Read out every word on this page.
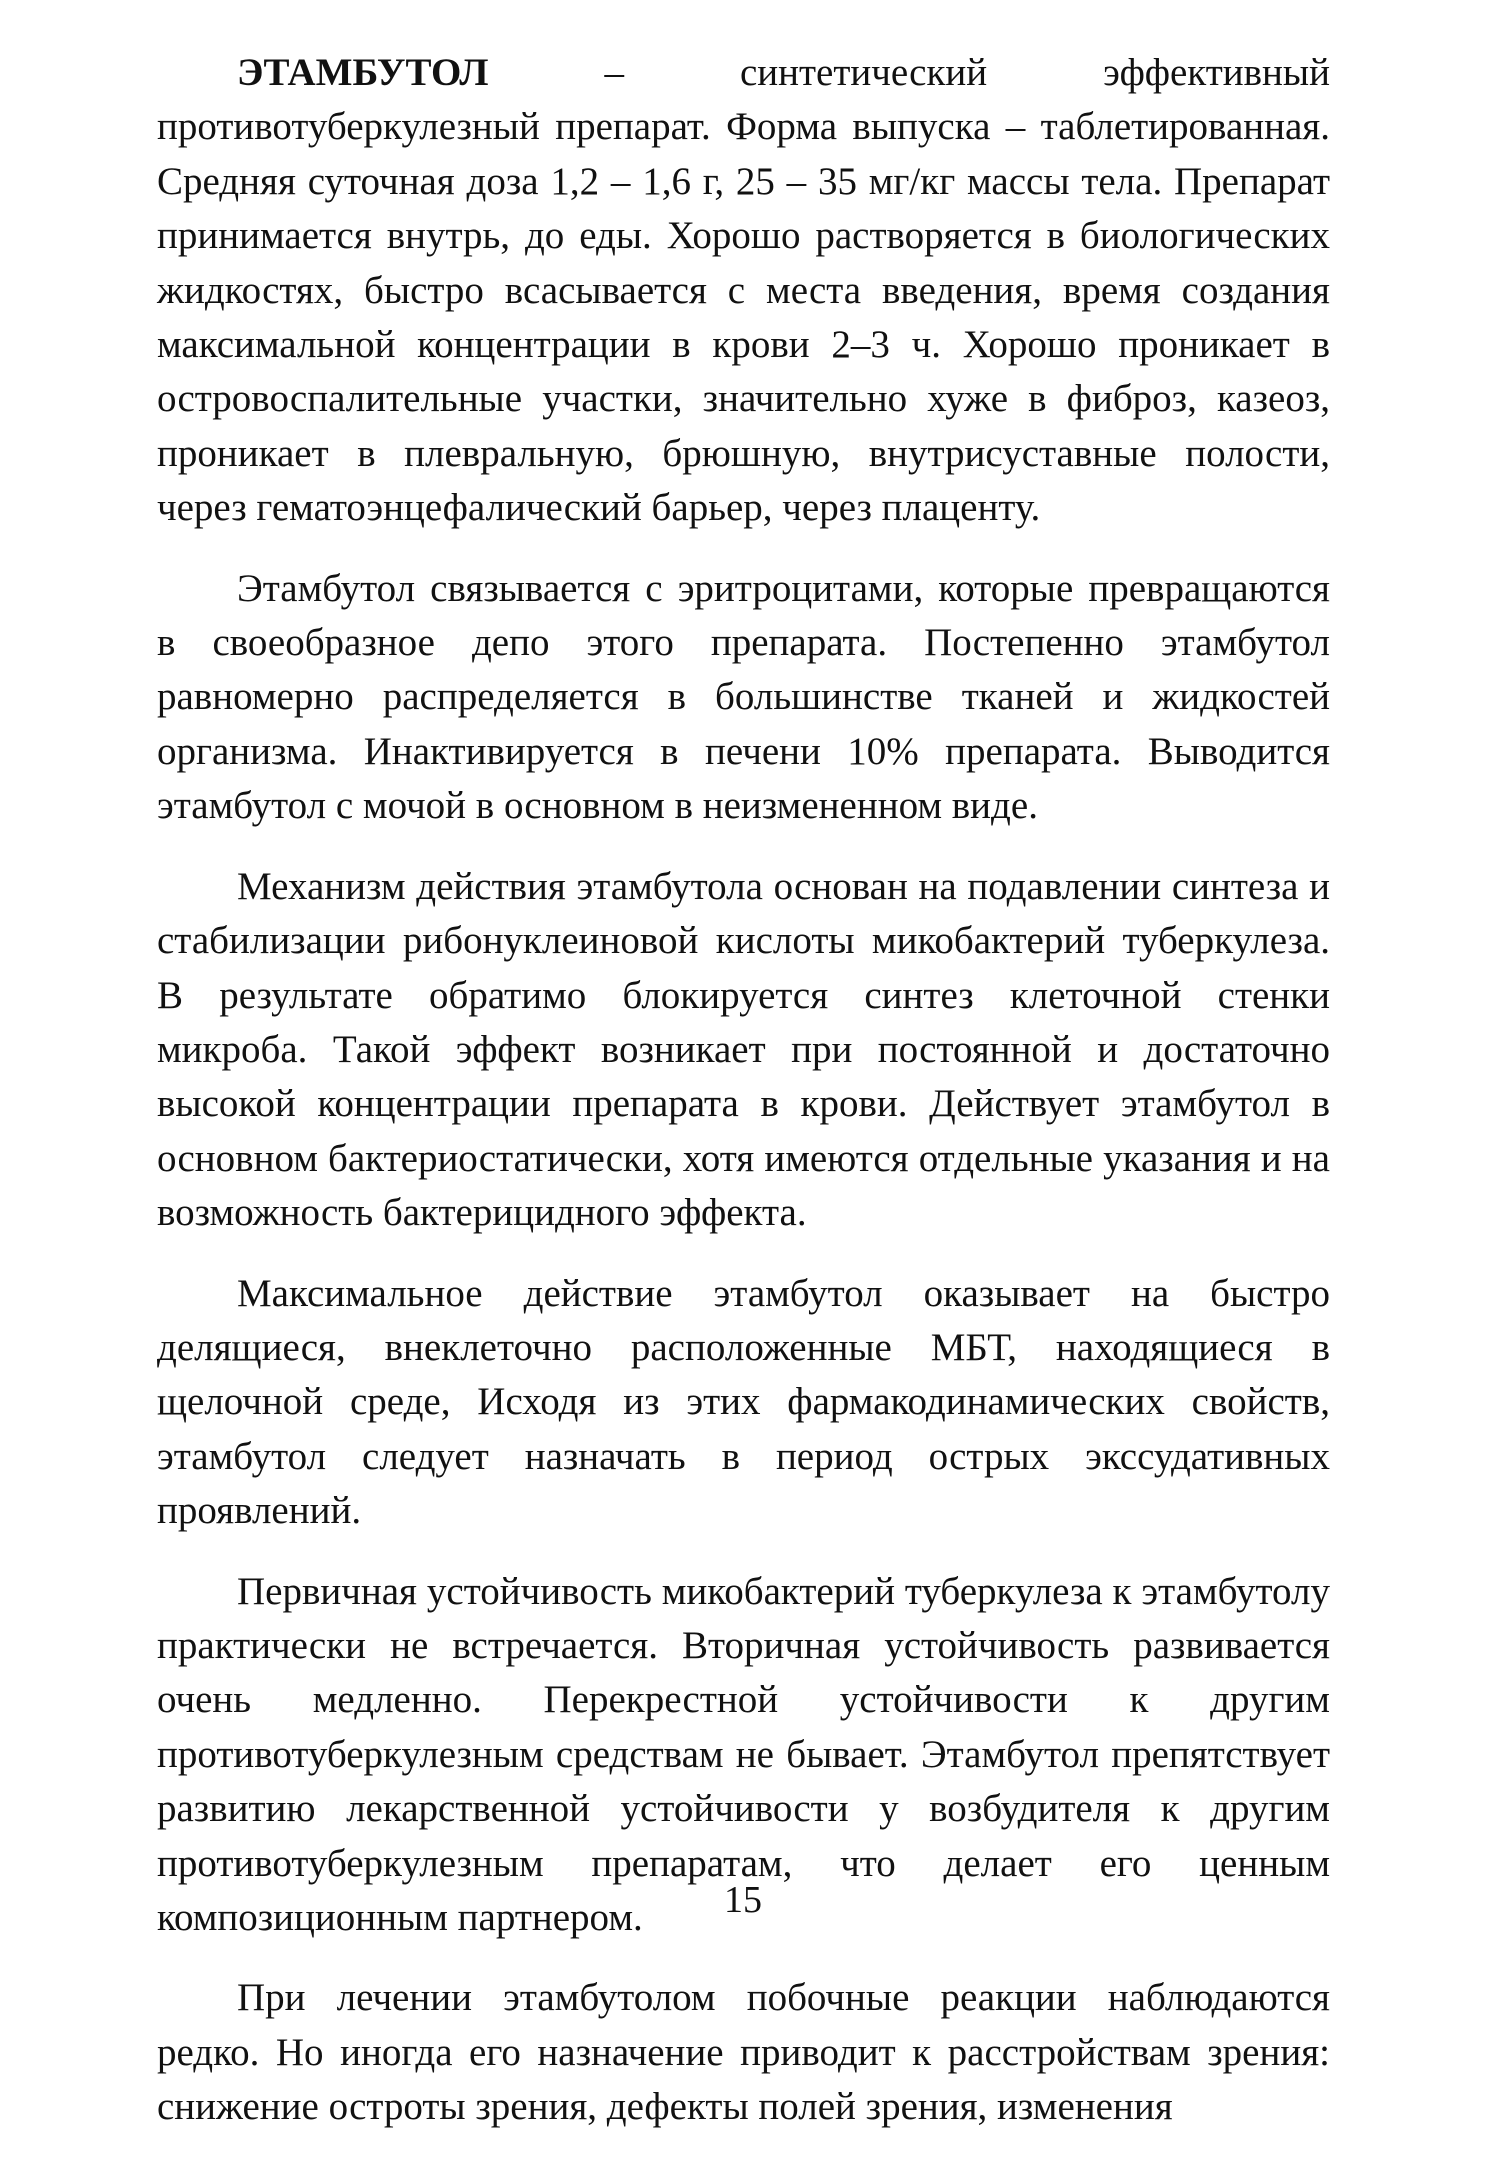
ЭТАМБУТОЛ – синтетический эффективный противотуберкулезный препарат. Форма выпуска – таблетированная. Средняя суточная доза 1,2 – 1,6 г, 25 – 35 мг/кг массы тела. Препарат принимается внутрь, до еды. Хорошо растворяется в биологических жидкостях, быстро всасывается с места введения, время создания максимальной концентрации в крови 2–3 ч. Хорошо проникает в островоспалительные участки, значительно хуже в фиброз, казеоз, проникает в плевральную, брюшную, внутрисуставные полости, через гематоэнцефалический барьер, через плаценту.

Этамбутол связывается с эритроцитами, которые превращаются в своеобразное депо этого препарата. Постепенно этамбутол равномерно распределяется в большинстве тканей и жидкостей организма. Инактивируется в печени 10% препарата. Выводится этамбутол с мочой в основном в неизмененном виде.

Механизм действия этамбутола основан на подавлении синтеза и стабилизации рибонуклеиновой кислоты микобактерий туберкулеза. В результате обратимо блокируется синтез клеточной стенки микроба. Такой эффект возникает при постоянной и достаточно высокой концентрации препарата в крови. Действует этамбутол в основном бактериостатически, хотя имеются отдельные указания и на возможность бактерицидного эффекта.

Максимальное действие этамбутол оказывает на быстро делящиеся, внеклеточно расположенные МБТ, находящиеся в щелочной среде, Исходя из этих фармакодинамических свойств, этамбутол следует назначать в период острых экссудативных проявлений.

Первичная устойчивость микобактерий туберкулеза к этамбутолу практически не встречается. Вторичная устойчивость развивается очень медленно. Перекрестной устойчивости к другим противотуберкулезным средствам не бывает. Этамбутол препятствует развитию лекарственной устойчивости у возбудителя к другим противотуберкулезным препаратам, что делает его ценным композиционным партнером.

При лечении этамбутолом побочные реакции наблюдаются редко. Но иногда его назначение приводит к расстройствам зрения: снижение остроты зрения, дефекты полей зрения, изменения

15
